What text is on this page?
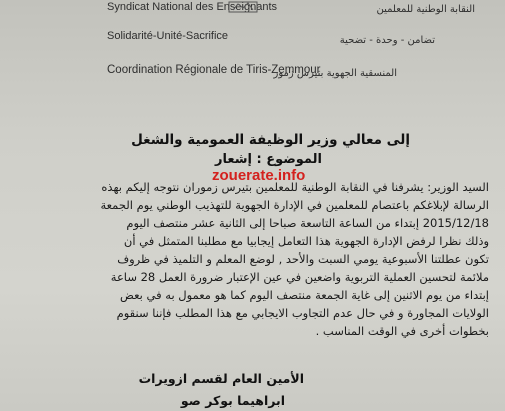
Syndicat National des Enseignants
Solidarité-Unité-Sacrifice
Coordination Régionale de Tiris-Zemmour
النقابة الوطنية للمعلمين
تضامن - وحدة - تضحية
المنسقية الجهوية بتيرس زمور
إلى معالي وزير الوظيفة العمومية والشغل
الموضوع : إشعار
zouerate.info
السيد الوزير: يشرفنا في النقابة الوطنية للمعلمين بتيرس زموران نتوجه إليكم بهذه
الرسالة لإبلاغكم باعتصام للمعلمين في الإدارة الجهوية للتهذيب الوطني يوم الجمعة
2015/12/18 إبتداء من الساعة التاسعة صباحا إلى الثانية عشر منتصف اليوم
وذلك نظرا لرفض الإدارة الجهوية هذا التعامل إيجابيا مع مطلبنا المتمثل في أن
تكون عطلتنا الأسبوعية يومي السبت والأحد , لوضع المعلم و التلميذ في ظروف
ملائمة لتحسين العملية التربوية واضعين في عين الإعتبار ضرورة العمل 28 ساعة
إبتداء من يوم الاثنين إلى غاية الجمعة منتصف اليوم كما هو معمول به في بعض
الولايات المجاورة و في حال عدم التجاوب الايجابي مع هذا المطلب فإننا سنقوم
بخطوات أخرى في الوقت المناسب .
الأمين العام لقسم ازويرات
ابراهيما بوكر صو
